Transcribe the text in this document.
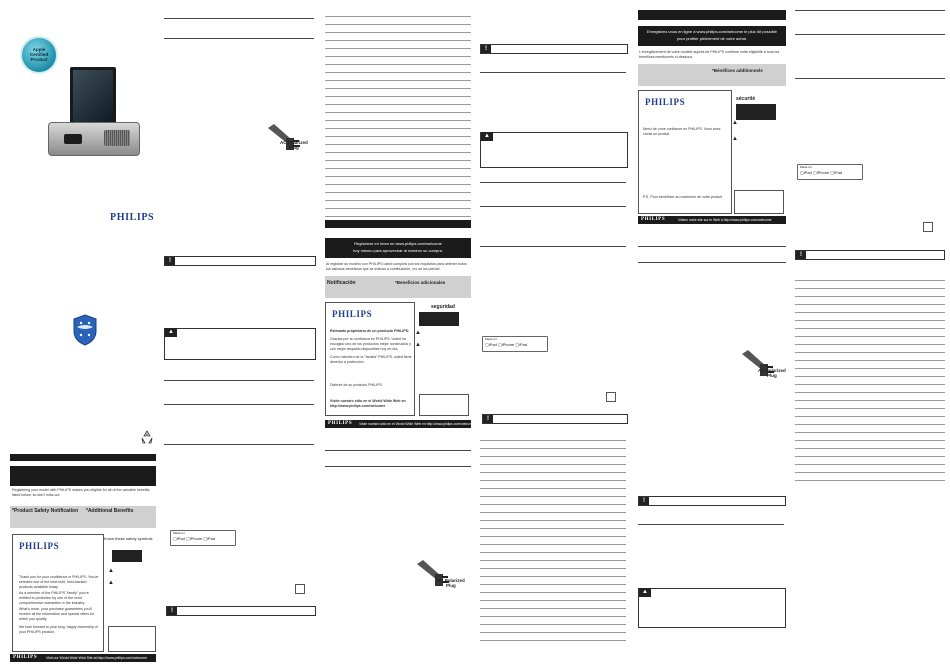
Apple Certified Product
PHILIPS
Registering your model with PHILIPS makes you eligible for all of the valuable benefits listed below, so don't miss out.
*Product Safety Notification *Additional Benefits
PHILIPS
Thank you for your confidence in PHILIPS. You've selected one of the best-built, best-backed products available today.
As a member of the PHILIPS "family" you're entitled to protection by one of the most comprehensive warranties in the industry.
What's more, your purchase guarantees you'll receive all the information and special offers for which you qualify.
We look forward to your long, happy ownership of your PHILIPS product.
Know these safety symbols
▲
▲
PHILIPS	Visit our World Wide Web Site at http://www.philips.com/welcome
AC Polarized
Plug
!
▲
Made for
▢iPad ▢iPhone ▢iPad
!
Regístrese en línea en www.philips.com/welcome
hoy mismo para aprovechar al máximo su compra.
Al registrar su modelo con PHILIPS usted cumplirá con los requisitos para obtener todos los valiosos beneficios que se indican a continuación, ¡no se los pierda!
Notificación	*Beneficios adicionales
PHILIPS
Estimado propietario de un producto PHILIPS:
Gracias por su confianza en PHILIPS. Usted ha escogido uno de los productos mejor construidos y con mejor respaldo disponibles hoy en día.
Como miembro de la "familia" PHILIPS, usted tiene derecho a protección.
Disfrute de su producto PHILIPS.
Visite nuestro sitio en el World Wide Web en http://www.philips.com/welcome
seguridad
▲
▲
PHILIPS Visite nuestro sitio en el World Wide Web en http://www.philips.com/welcome
AC Polarized
Plug
!
▲
Made for
▢iPad ▢iPhone ▢iPad
!
Enregistrez-vous en ligne à www.philips.com/welcome le plus tôt possible
pour profiter pleinement de votre achat.
L'enregistrement de votre modèle auprès de PHILIPS confirme votre éligibilité à tous les bénéfices mentionnés ci-dessous.
*Bénéfices additionnels
PHILIPS
Merci de votre confiance en PHILIPS. Vous avez choisi un produit.
P.S. Pour bénéficier au maximum de votre produit
sécurité
▲
▲
PHILIPS	Visitez notre site sur le Web à http://www.philips.com/welcome
AC Polarized
Plug
!
▲
Made for
▢iPad ▢iPhone ▢iPad
!
